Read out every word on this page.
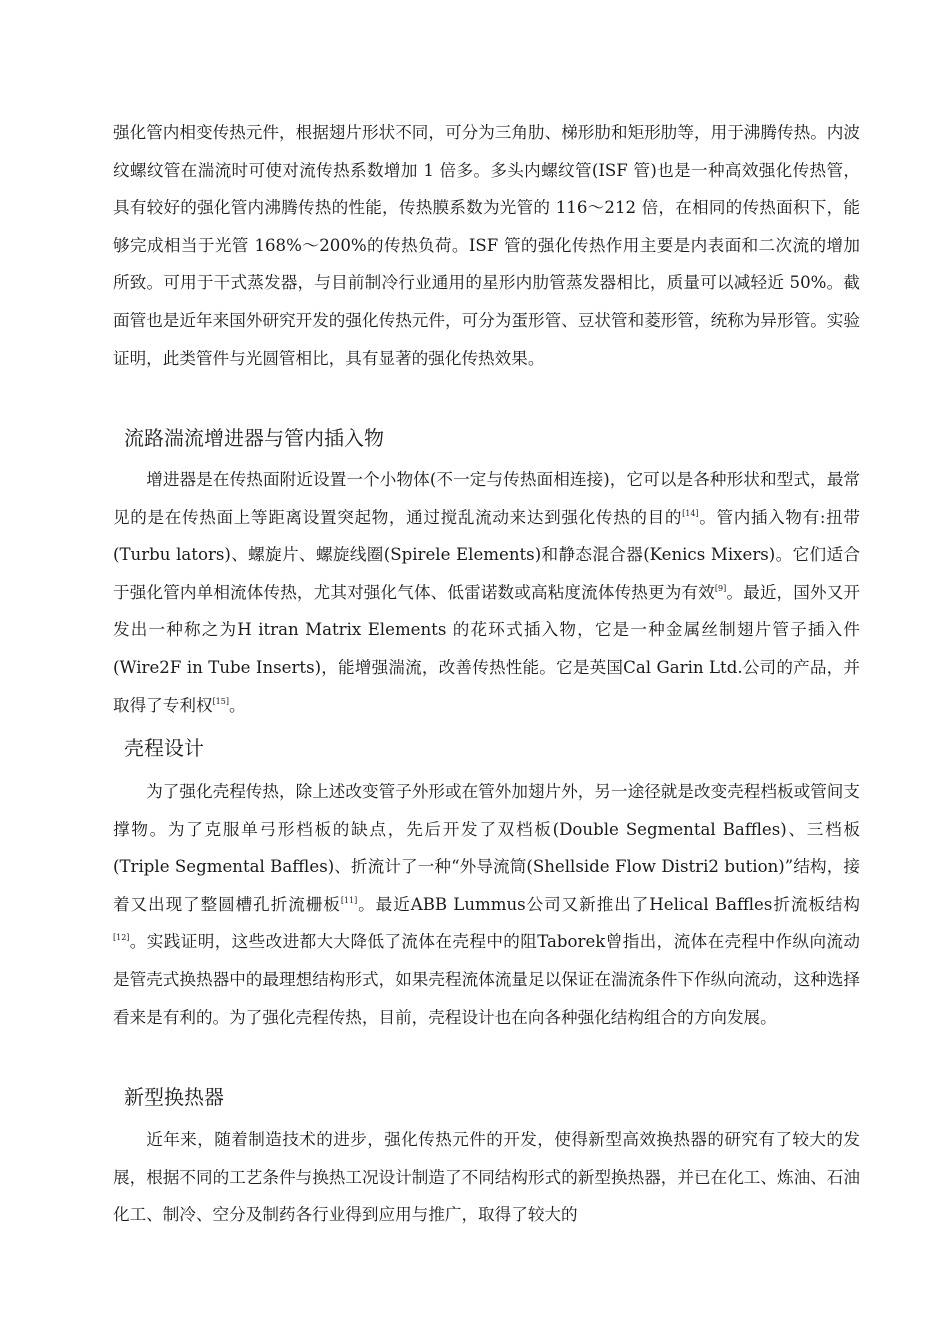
强化管内相变传热元件，根据翅片形状不同，可分为三角肋、梯形肋和矩形肋等，用于沸腾传热。内波纹螺纹管在湍流时可使对流传热系数增加 1 倍多。多头内螺纹管(ISF 管)也是一种高效强化传热管，具有较好的强化管内沸腾传热的性能，传热膜系数为光管的 116～212 倍，在相同的传热面积下，能够完成相当于光管 168%～200%的传热负荷。ISF 管的强化传热作用主要是内表面和二次流的增加所致。可用于干式蒸发器，与目前制冷行业通用的星形内肋管蒸发器相比，质量可以减轻近 50%。截面管也是近年来国外研究开发的强化传热元件，可分为蛋形管、豆状管和菱形管，统称为异形管。实验证明，此类管件与光圆管相比，具有显著的强化传热效果。

流路湍流增进器与管内插入物

增进器是在传热面附近设置一个小物体(不一定与传热面相连接)，它可以是各种形状和型式，最常见的是在传热面上等距离设置突起物，通过搅乱流动来达到强化传热的目的[14]。管内插入物有:扭带(Turbu lators)、螺旋片、螺旋线圈(Spirele Elements)和静态混合器(Kenics Mixers)。它们适合于强化管内单相流体传热，尤其对强化气体、低雷诺数或高粘度流体传热更为有效[9]。最近，国外又开发出一种称之为H itran Matrix Elements 的花环式插入物，它是一种金属丝制翅片管子插入件(Wire2F in Tube Inserts)，能增强湍流，改善传热性能。它是英国Cal Garin Ltd.公司的产品，并取得了专利权[15]。

壳程设计

为了强化壳程传热，除上述改变管子外形或在管外加翅片外，另一途径就是改变壳程档板或管间支撑物。为了克服单弓形档板的缺点，先后开发了双档板(Double Segmental Baffles)、三档板(Triple Segmental Baffles)、折流计了一种“外导流筒(Shellside Flow Distri2 bution)”结构，接着又出现了整圆槽孔折流栅板[11]。最近ABB Lummus公司又新推出了Helical Baffles折流板结构[12]。实践证明，这些改进都大大降低了流体在壳程中的阻Taborek曾指出，流体在壳程中作纵向流动是管壳式换热器中的最理想结构形式，如果壳程流体流量足以保证在湍流条件下作纵向流动，这种选择看来是有利的。为了强化壳程传热，目前，壳程设计也在向各种强化结构组合的方向发展。

新型换热器

近年来，随着制造技术的进步，强化传热元件的开发，使得新型高效换热器的研究有了较大的发展，根据不同的工艺条件与换热工况设计制造了不同结构形式的新型换热器，并已在化工、炼油、石油化工、制冷、空分及制药各行业得到应用与推广，取得了较大的
